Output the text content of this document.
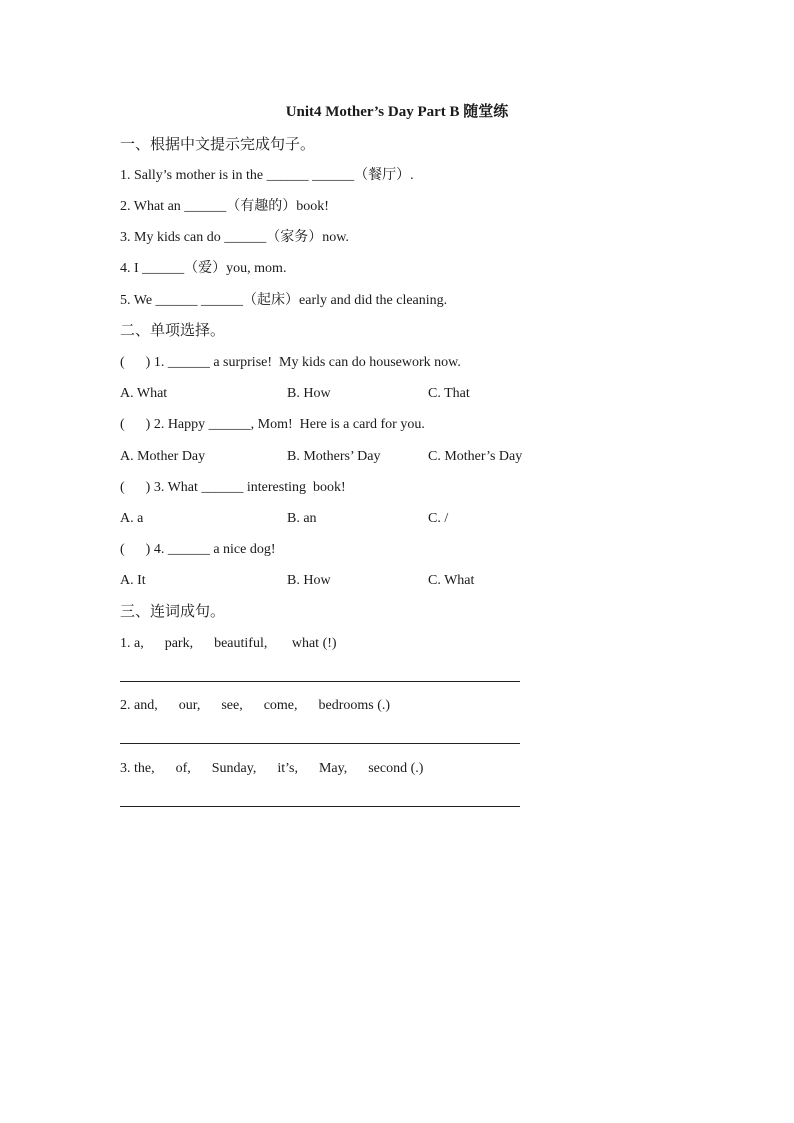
Unit4 Mother’s Day Part B 随堂练
一、根据中文提示完成句子。
1. Sally’s mother is in the ______ ______（餐厅）.
2. What an ______（有趣的）book!
3. My kids can do ______（家务）now.
4. I ______（爱）you, mom.
5. We ______ ______（起床）early and did the cleaning.
二、单项选择。
(      ) 1. ______ a surprise!  My kids can do housework now.
A. What	B. How	C. That
(      ) 2. Happy ______, Mom!  Here is a card for you.
A. Mother Day	B. Mothers’ Day	C. Mother’s Day
(      ) 3. What ______ interesting  book!
A. a	B. an	C. /
(      ) 4. ______ a nice dog!
A. It	B. How	C. What
三、连词成句。
1. a,      park,      beautiful,       what (!)
2. and,      our,      see,      come,      bedrooms (.)
3. the,      of,      Sunday,      it’s,      May,      second (.)
